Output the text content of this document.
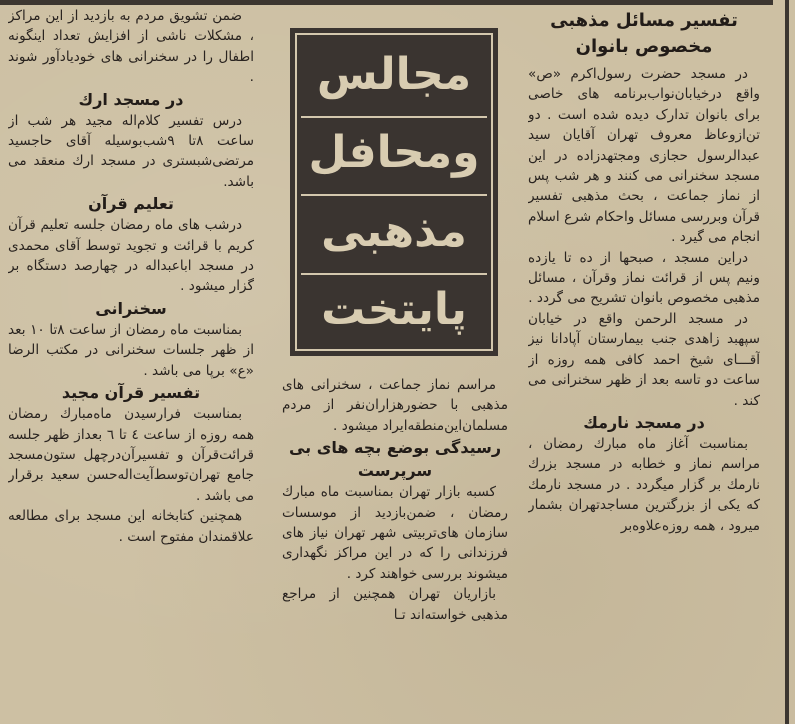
تفسیر مسائل مذهبی مخصوص بانوان

در مسجد حضرت رسول‌اکرم «ص» واقع درخیابان‌نواب‌برنامه های خاصی برای بانوان تدارک دیده شده است . دو تن‌ازوعاظ معروف تهران آقایان سید عبدالرسول حجازی ومجتهدزاده در این مسجد سخنرانی می ‌کنند و هر شب پس از نماز جماعت ، بحث مذهبی تفسیر قرآن وبررسی مسائل واحکام شرع اسلام انجام می گیرد .

دراین مسجد ، صبحها از ده تا یازده ونیم پس از قرائت نماز وقرآن ، مسائل مذهبی مخصوص بانوان تشریح می ‌گردد .

در مسجد الرحمن واقع در خیابان سپهبد زاهدی جنب بیمارستان آپادانا نیز آقـــای شیخ احمد کافی همه روزه از ساعت دو تاسه بعد از ظهر سخنرانی می کند .

در مسجد نارمك

بمناسبت آغاز ماه مبارك رمضان ، مراسم نماز و خطابه در مسجد بزرك نارمك بر گزار میگردد . در مسجد نارمك كه یكی از بزرگترین مساجدتهران بشمار میرود ، همه روزه‌علاوه‌بر

مجالس
ومحافل
مذهبی
پایتخت

مراسم نماز جماعت ، سخنرانی های مذهبی با حضورهزاران‌نفر از مردم مسلمان‌این‌منطقه‌ایراد میشود .

رسیدگی بوضع بچه های بی سرپرست

کسبه بازار تهران بمناسبت ماه مبارك رمضان ، ضمن‌بازدید از موسسات سازمان های‌تربیتی شهر تهران نیاز های فرزندانی را كه در این مراكز نگهداری میشوند بررسی خواهند كرد .

بازاریان تهران همچنین از مراجع مذهبی خواسته‌اند تـا

ضمن تشویق مردم به بازدید از این مراكز ، مشكلات ناشی از افزایش تعداد اینگونه اطفال را در سخنرانی های خودیادآور شوند .

در مسجد ارك

درس تفسیر كلام‌اله مجید هر شب از ساعت ۸تا ۹شب‌بوسیله آقای حاجسید مرتضی‌شبستری در مسجد ارك منعقد می باشد.

تعلیم قرآن

درشب های ماه رمضان جلسه تعلیم قرآن كریم با قرائت و تجوید توسط آقای محمدی در مسجد اباعبداله در چهارصد دستگاه بر گزار میشود .

سخنرانی

بمناسبت ماه رمضان از ساعت ۸تا ۱۰ بعد از ظهر جلسات سخنرانی در مكتب الرضا «ع» برپا می باشد .

تفسیر قرآن مجید

بمناسبت فرارسیدن ماه‌مبارك رمضان همه روزه از ساعت ٤ تا ٦ بعداز ظهر جلسه قرائت‌قرآن و تفسیرآن‌درچهل ستون‌مسجد جامع تهران‌توسط‌آیت‌اله‌حسن سعید برقرار می باشد .

همچنین كتابخانه این مسجد برای مطالعه علاقمندان مفتوح است .
